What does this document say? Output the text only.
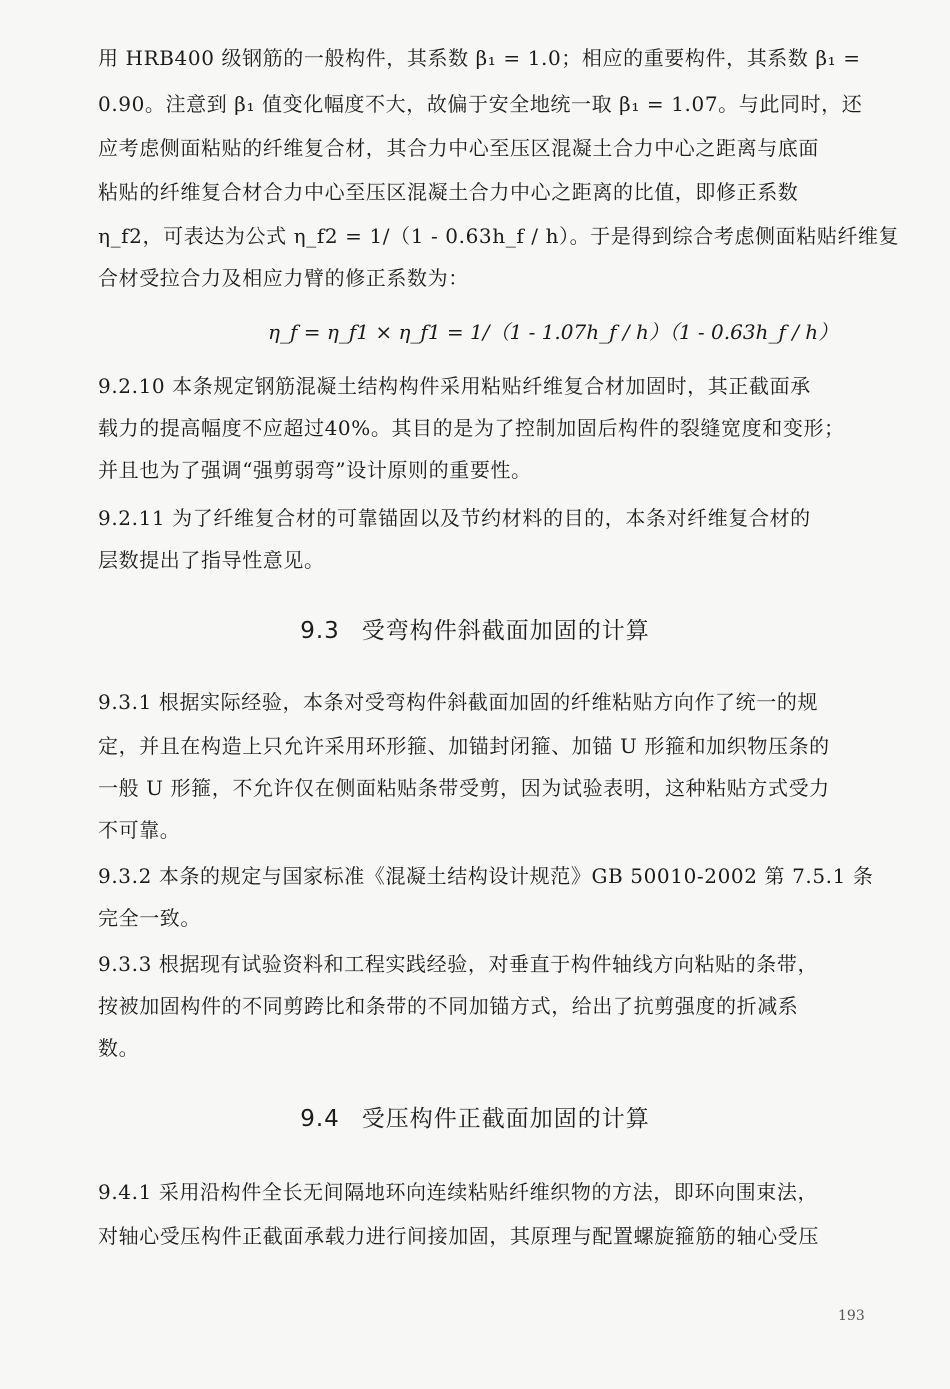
用 HRB400 级钢筋的一般构件，其系数 β₁ = 1.0；相应的重要构件，其系数 β₁ =
0.90。注意到 β₁ 值变化幅度不大，故偏于安全地统一取 β₁ = 1.07。与此同时，还
应考虑侧面粘贴的纤维复合材，其合力中心至压区混凝土合力中心之距离与底面
粘贴的纤维复合材合力中心至压区混凝土合力中心之距离的比值，即修正系数
η_f2，可表达为公式 η_f2 = 1/（1 - 0.63h_f / h）。于是得到综合考虑侧面粘贴纤维复
合材受拉合力及相应力臂的修正系数为：
η_f = η_f1 × η_f1 = 1/（1 - 1.07h_f / h）（1 - 0.63h_f / h）
9.2.10 本条规定钢筋混凝土结构构件采用粘贴纤维复合材加固时，其正截面承
载力的提高幅度不应超过40%。其目的是为了控制加固后构件的裂缝宽度和变形；
并且也为了强调“强剪弱弯”设计原则的重要性。
9.2.11 为了纤维复合材的可靠锚固以及节约材料的目的，本条对纤维复合材的
层数提出了指导性意见。
9.3 受弯构件斜截面加固的计算
9.3.1 根据实际经验，本条对受弯构件斜截面加固的纤维粘贴方向作了统一的规
定，并且在构造上只允许采用环形箍、加锚封闭箍、加锚 U 形箍和加织物压条的
一般 U 形箍，不允许仅在侧面粘贴条带受剪，因为试验表明，这种粘贴方式受力
不可靠。
9.3.2 本条的规定与国家标准《混凝土结构设计规范》GB 50010-2002 第 7.5.1 条
完全一致。
9.3.3 根据现有试验资料和工程实践经验，对垂直于构件轴线方向粘贴的条带，
按被加固构件的不同剪跨比和条带的不同加锚方式，给出了抗剪强度的折减系
数。
9.4 受压构件正截面加固的计算
9.4.1 采用沿构件全长无间隔地环向连续粘贴纤维织物的方法，即环向围束法，
对轴心受压构件正截面承载力进行间接加固，其原理与配置螺旋箍筋的轴心受压
193
